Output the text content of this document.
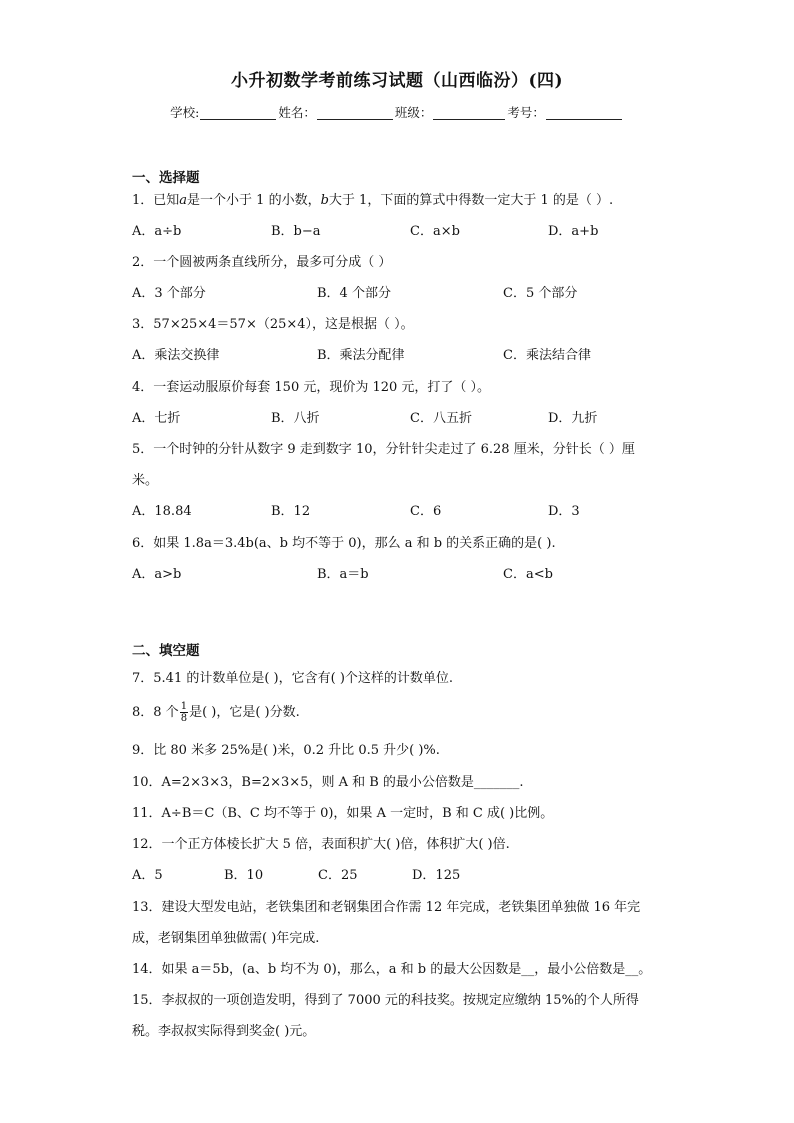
小升初数学考前练习试题（山西临汾）(四)
学校:	姓名：	班级：	考号：
一、选择题
1．已知a是一个小于 1 的小数，b大于 1，下面的算式中得数一定大于 1 的是（ ）.
A．a÷b	B．b−a	C．a×b	D．a+b
2．一个圆被两条直线所分，最多可分成（ ）
A．3 个部分	B．4 个部分	C．5 个部分
3．57×25×4＝57×（25×4），这是根据（ ）。
A．乘法交换律	B．乘法分配律	C．乘法结合律
4．一套运动服原价每套 150 元，现价为 120 元，打了（ ）。
A．七折	B．八折	C．八五折	D．九折
5．一个时钟的分针从数字 9 走到数字 10，分针针尖走过了 6.28 厘米，分针长（ ）厘
米。
A．18.84	B．12	C．6	D．3
6．如果 1.8a＝3.4b(a、b 均不等于 0)，那么 a 和 b 的关系正确的是( ).
A．a>b	B．a＝b	C．a<b
二、填空题
7．5.41 的计数单位是( )，它含有( )个这样的计数单位.
8．8 个 $\frac{1}{8}$ 是( )，它是( )分数.
9．比 80 米多 25%是( )米，0.2 升比 0.5 升少( )%.
10．A=2×3×3，B=2×3×5，则 A 和 B 的最小公倍数是_______.
11．A÷B＝C（B、C 均不等于 0)，如果 A 一定时，B 和 C 成( )比例。
12．一个正方体棱长扩大 5 倍，表面积扩大( )倍，体积扩大( )倍.
A．5	B．10	C．25	D．125
13．建设大型发电站，老铁集团和老钢集团合作需 12 年完成，老铁集团单独做 16 年完
成，老钢集团单独做需( )年完成.
14．如果 a＝5b，(a、b 均不为 0)，那么，a 和 b 的最大公因数是__，最小公倍数是__。
15．李叔叔的一项创造发明，得到了 7000 元的科技奖。按规定应缴纳 15%的个人所得
税。李叔叔实际得到奖金( )元。
